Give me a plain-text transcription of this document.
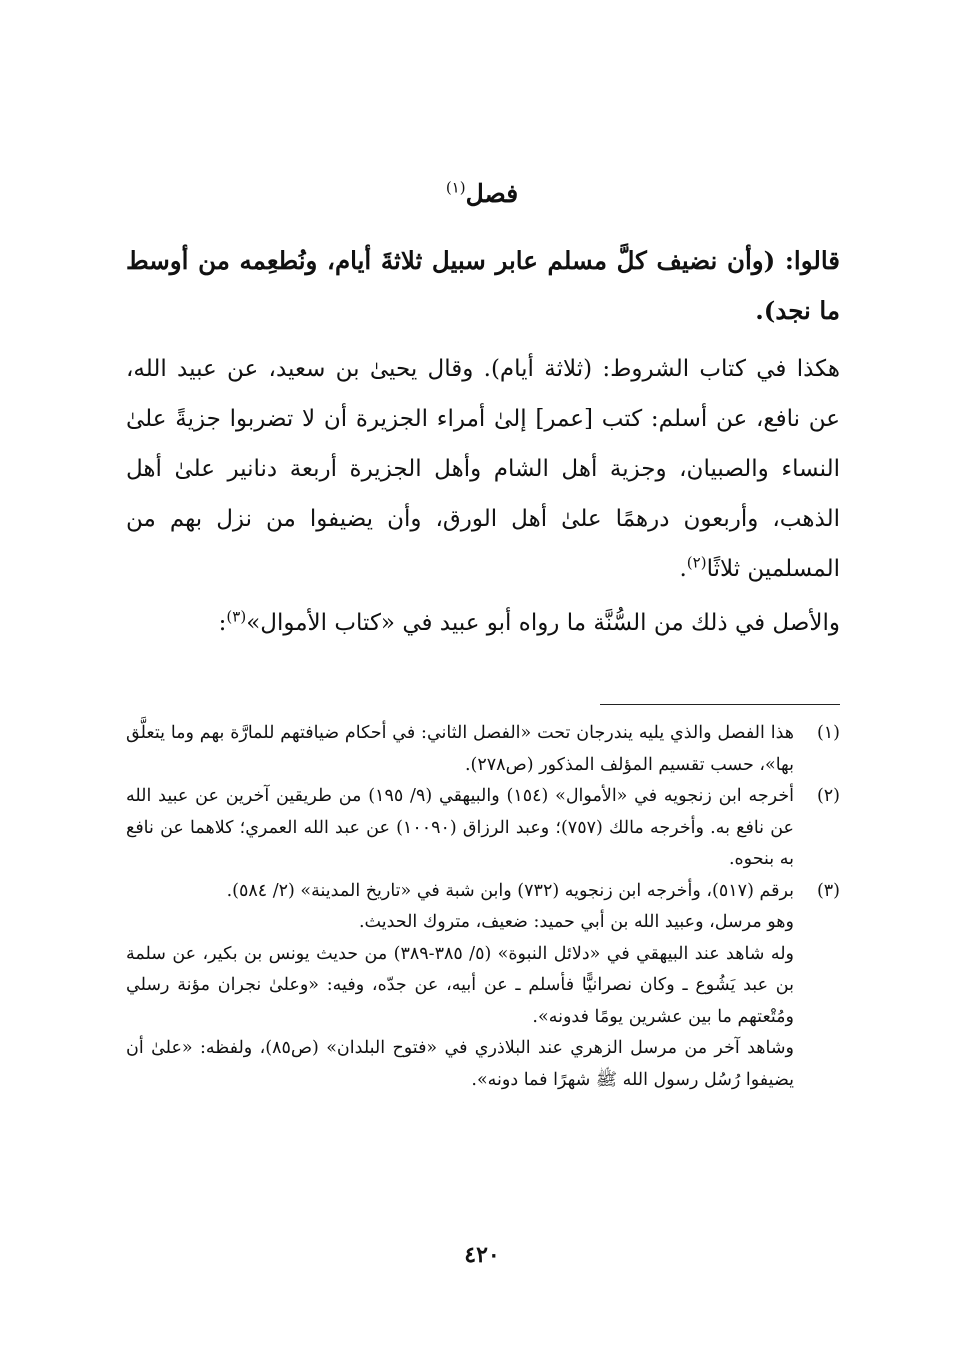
فصل$^{(١)}$
قالوا: (وأن نضيف كلَّ مسلم عابر سبيل ثلاثةَ أيام، ونُطعِمه من أوسط ما نجد).
هكذا في كتاب الشروط: (ثلاثة أيام). وقال يحيىٰ بن سعيد، عن عبيد الله، عن نافع، عن أسلم: كتب [عمر] إلىٰ أمراء الجزيرة أن لا تضربوا جزيةً علىٰ النساء والصبيان، وجزية أهل الشام وأهل الجزيرة أربعة دنانير علىٰ أهل الذهب، وأربعون درهمًا علىٰ أهل الورق، وأن يضيفوا من نزل بهم من المسلمين ثلاثًا$^{(٢)}$.
والأصل في ذلك من السُّنَّة ما رواه أبو عبيد في «كتاب الأموال»$^{(٣)}$:
(١)
هذا الفصل والذي يليه يندرجان تحت «الفصل الثاني: في أحكام ضيافتهم للمارَّة بهم وما يتعلَّق بها»، حسب تقسيم المؤلف المذكور (ص٢٧٨).
(٢)
أخرجه ابن زنجويه في «الأموال» (١٥٤) والبيهقي (٩/ ١٩٥) من طريقين آخرين عن عبيد الله عن نافع به. وأخرجه مالك (٧٥٧)؛ وعبد الرزاق (١٠٠٩٠) عن عبد الله العمري؛ كلاهما عن نافع به بنحوه.
(٣)
برقم (٥١٧)، وأخرجه ابن زنجويه (٧٣٢) وابن شبة في «تاريخ المدينة» (٢/ ٥٨٤).
وهو مرسل، وعبيد الله بن أبي حميد: ضعيف، متروك الحديث.
وله شاهد عند البيهقي في «دلائل النبوة» (٥/ ٣٨٥-٣٨٩) من حديث يونس بن بكير، عن سلمة بن عبد يَشُوع ـ وكان نصرانيًّا فأسلم ـ عن أبيه، عن جدّه، وفيه: «وعلىٰ نجران مؤنة رسلي ومُتْعتهم ما بين عشرين يومًا فدونه».
وشاهد آخر من مرسل الزهري عند البلاذري في «فتوح البلدان» (ص٨٥)، ولفظه: «علىٰ أن يضيفوا رُسُل رسول الله ﷺ شهرًا فما دونه».
٤٢٠
